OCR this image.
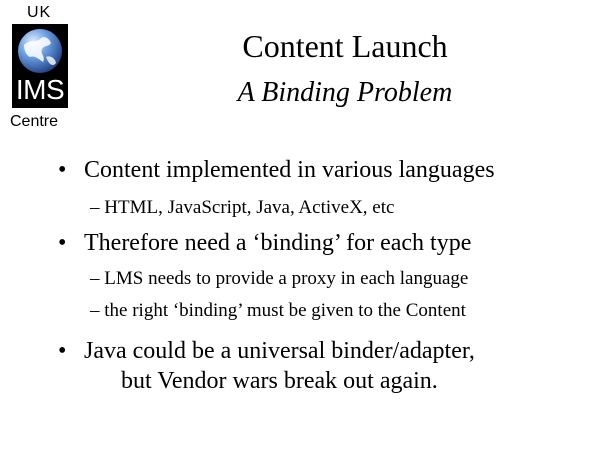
UK
IMS
Centre
Content Launch
A Binding Problem
• Content implemented in various languages
– HTML, JavaScript, Java, ActiveX, etc
• Therefore need a ‘binding’ for each type
– LMS needs to provide a proxy in each language
– the right ‘binding’ must be given to the Content
• Java could be a universal binder/adapter,
but Vendor wars break out again.
